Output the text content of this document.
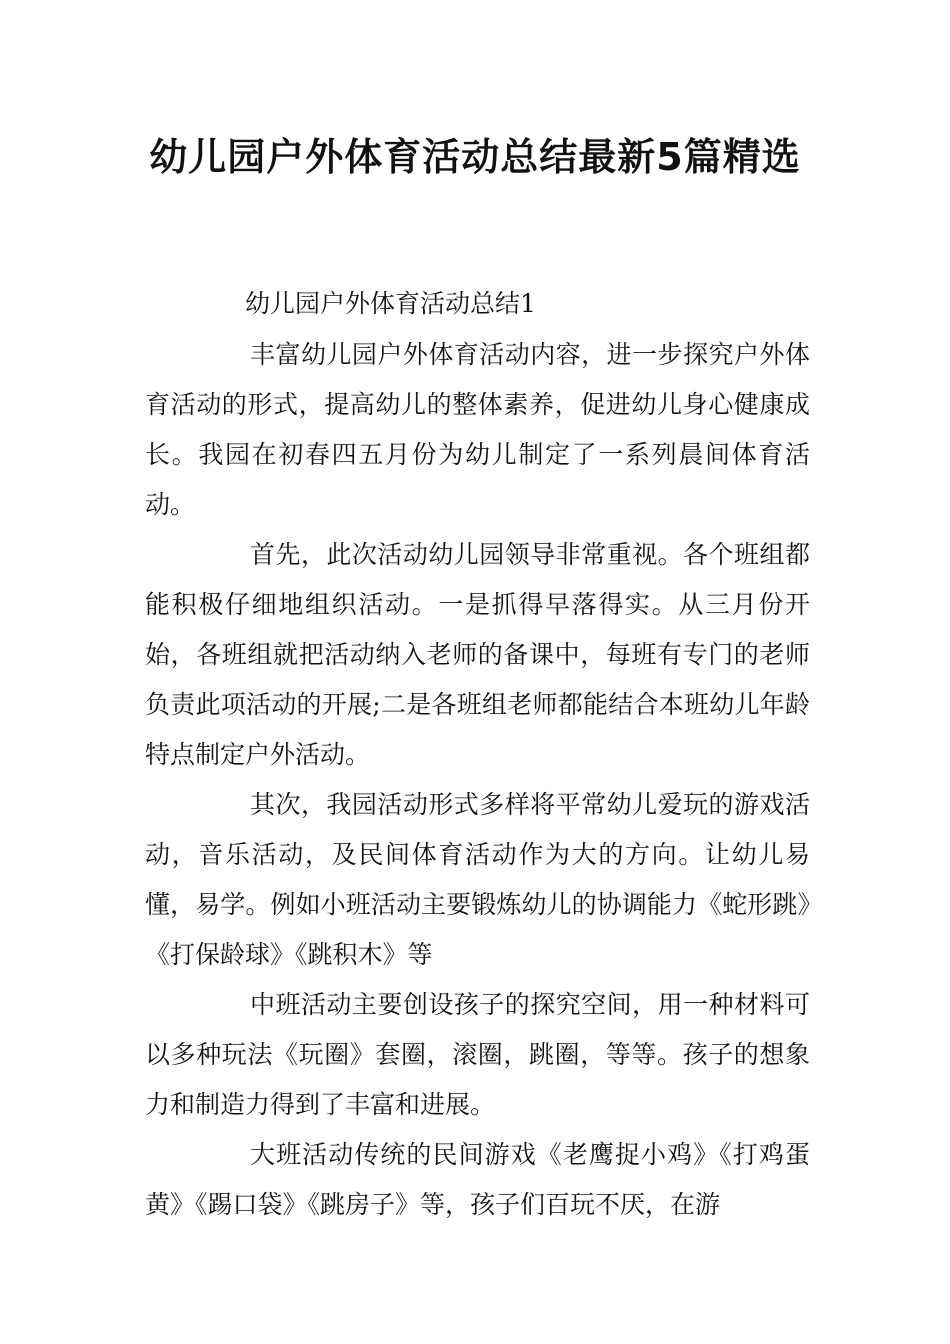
幼儿园户外体育活动总结最新5篇精选
幼儿园户外体育活动总结1

丰富幼儿园户外体育活动内容，进一步探究户外体育活动的形式，提高幼儿的整体素养，促进幼儿身心健康成长。我园在初春四五月份为幼儿制定了一系列晨间体育活动。

首先，此次活动幼儿园领导非常重视。各个班组都能积极仔细地组织活动。一是抓得早落得实。从三月份开始，各班组就把活动纳入老师的备课中，每班有专门的老师负责此项活动的开展;二是各班组老师都能结合本班幼儿年龄特点制定户外活动。

其次，我园活动形式多样将平常幼儿爱玩的游戏活动，音乐活动，及民间体育活动作为大的方向。让幼儿易懂，易学。例如小班活动主要锻炼幼儿的协调能力《蛇形跳》《打保龄球》《跳积木》等

中班活动主要创设孩子的探究空间，用一种材料可以多种玩法《玩圈》套圈，滚圈，跳圈，等等。孩子的想象力和制造力得到了丰富和进展。

大班活动传统的民间游戏《老鹰捉小鸡》《打鸡蛋黄》《踢口袋》《跳房子》等，孩子们百玩不厌，在游
